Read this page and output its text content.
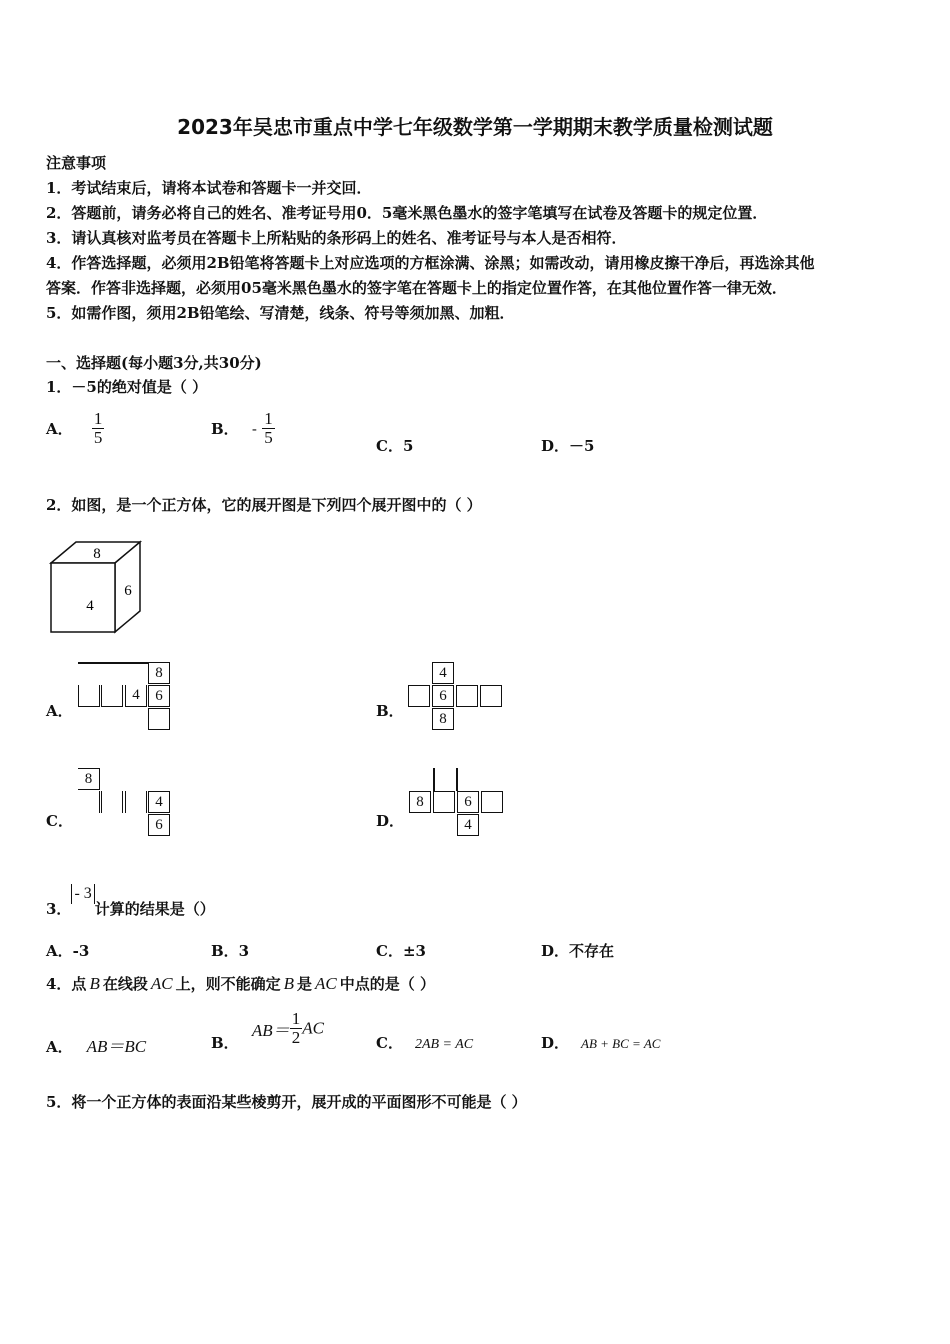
2023年吴忠市重点中学七年级数学第一学期期末教学质量检测试题
注意事项
1．考试结束后，请将本试卷和答题卡一并交回．
2．答题前，请务必将自己的姓名、准考证号用0．5毫米黑色墨水的签字笔填写在试卷及答题卡的规定位置．
3．请认真核对监考员在答题卡上所粘贴的条形码上的姓名、准考证号与本人是否相符．
4．作答选择题，必须用2B铅笔将答题卡上对应选项的方框涂满、涂黑；如需改动，请用橡皮擦干净后，再选涂其他
答案．作答非选择题，必须用05毫米黑色墨水的签字笔在答题卡上的指定位置作答，在其他位置作答一律无效．
5．如需作图，须用2B铅笔绘、写清楚，线条、符号等须加黑、加粗．
一、选择题(每小题3分,共30分)
1．－5的绝对值是（ ）
A． $\frac{1}{5}$	B． - $\frac{1}{5}$	C．5	D．－5
2．如图，是一个正方体，它的展开图是下列四个展开图中的（ ）
8
4
6
A．
8
4	6
B．
4
6
8
C．
8
4
6	D．
8	6
4
3．- 3计算的结果是（）
A．-3	B．3	C．±3	D．不存在
4．点 B 在线段 AC 上，则不能确定 B 是 AC 中点的是（ ）
A． AB＝BC	B． $AB= \frac{1}{2}$ AC
C． 2AB = AC	D． AB + BC = AC
5．将一个正方体的表面沿某些棱剪开，展开成的平面图形不可能是（ ）
